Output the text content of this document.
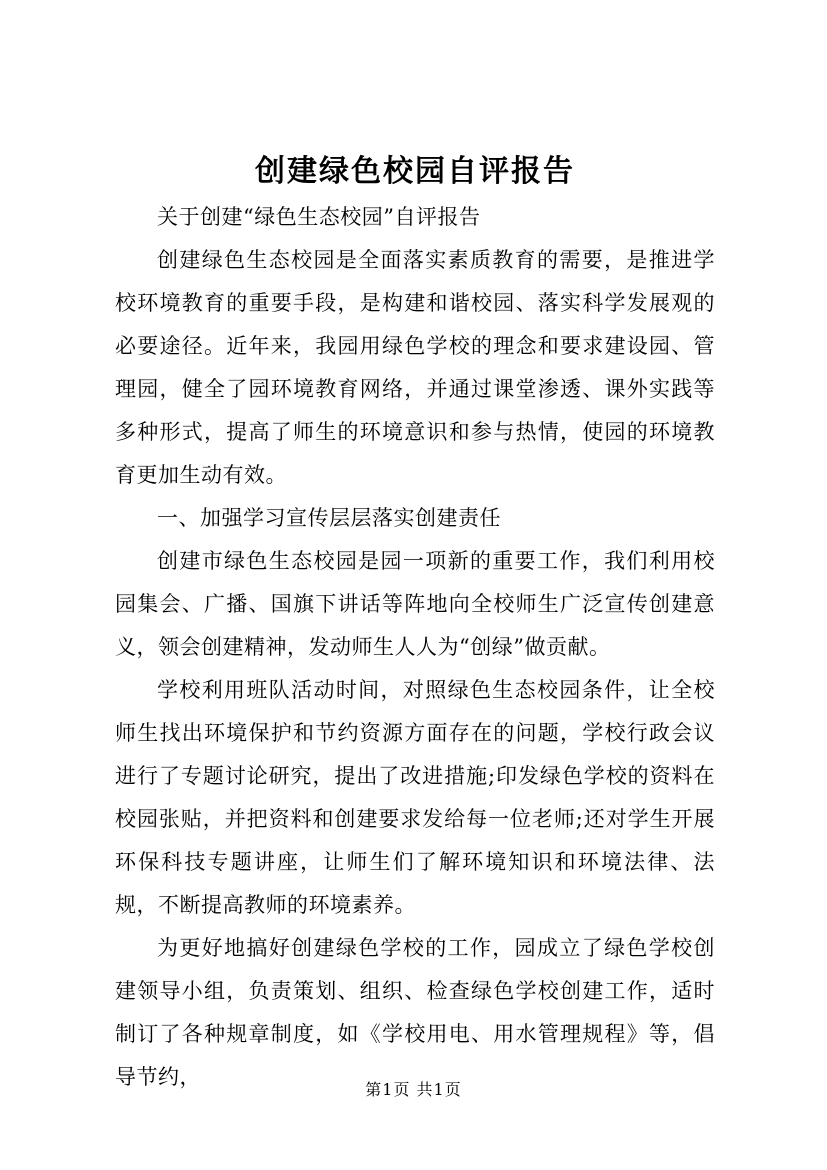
创建绿色校园自评报告

关于创建“绿色生态校园”自评报告

创建绿色生态校园是全面落实素质教育的需要，是推进学校环境教育的重要手段，是构建和谐校园、落实科学发展观的必要途径。近年来，我园用绿色学校的理念和要求建设园、管理园，健全了园环境教育网络，并通过课堂渗透、课外实践等多种形式，提高了师生的环境意识和参与热情，使园的环境教育更加生动有效。

一、加强学习宣传层层落实创建责任

创建市绿色生态校园是园一项新的重要工作，我们利用校园集会、广播、国旗下讲话等阵地向全校师生广泛宣传创建意义，领会创建精神，发动师生人人为“创绿”做贡献。

学校利用班队活动时间，对照绿色生态校园条件，让全校师生找出环境保护和节约资源方面存在的问题，学校行政会议进行了专题讨论研究，提出了改进措施;印发绿色学校的资料在校园张贴，并把资料和创建要求发给每一位老师;还对学生开展环保科技专题讲座，让师生们了解环境知识和环境法律、法规，不断提高教师的环境素养。

为更好地搞好创建绿色学校的工作，园成立了绿色学校创建领导小组，负责策划、组织、检查绿色学校创建工作，适时制订了各种规章制度，如《学校用电、用水管理规程》等，倡导节约，

第1页 共1页
